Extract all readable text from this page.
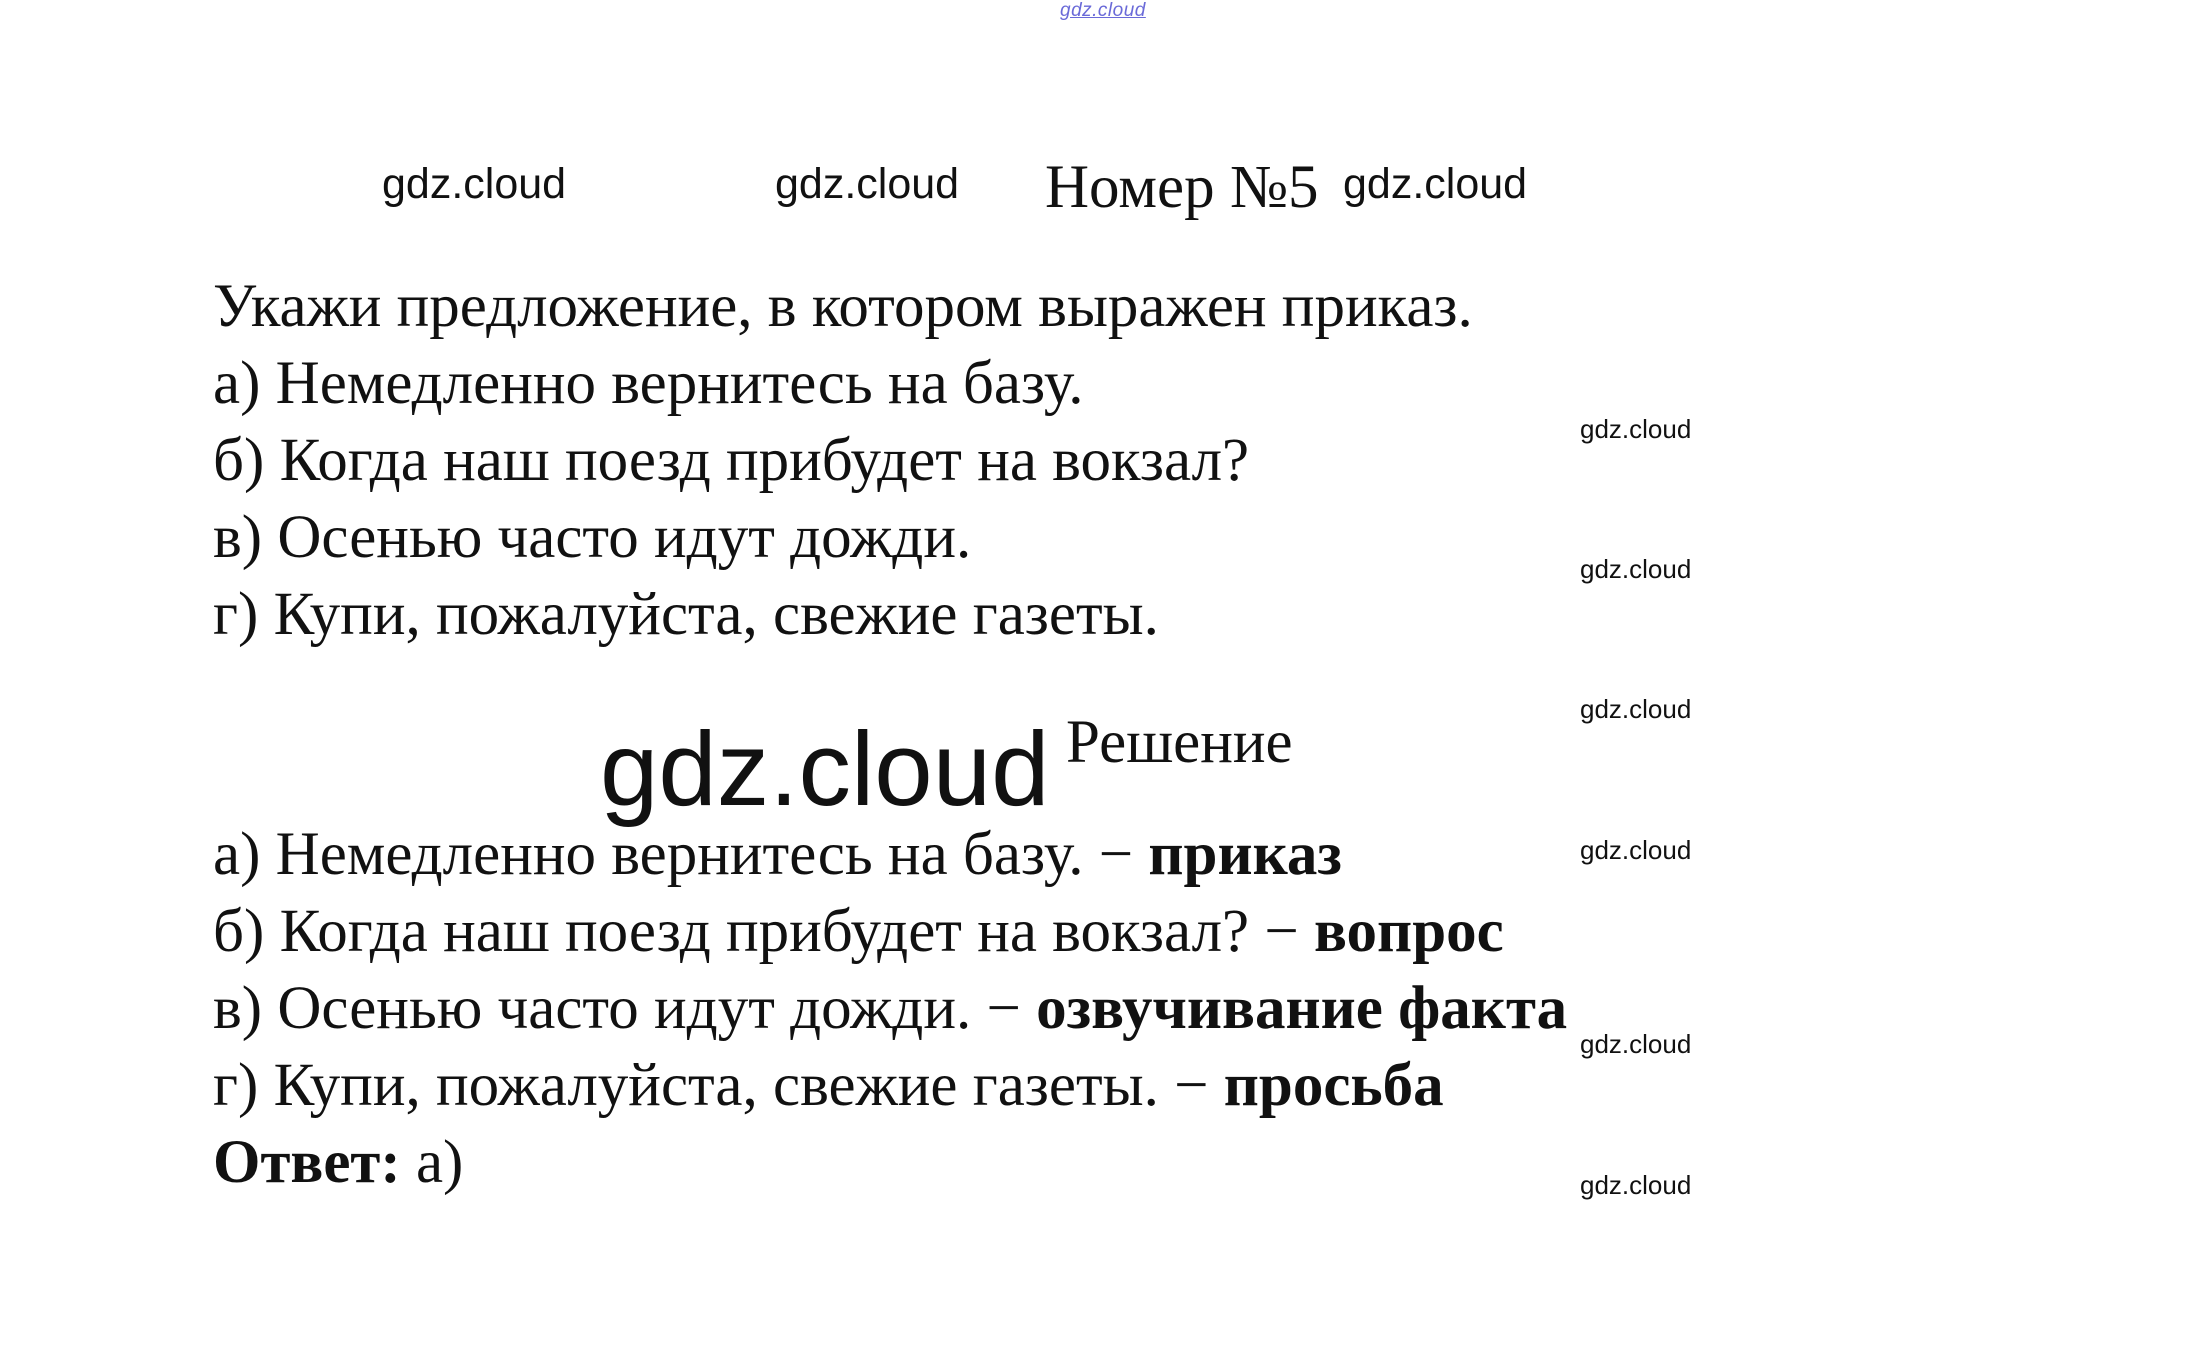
gdz.cloud
gdz.cloud	gdz.cloud Номер №5 gdz.cloud
Укажи предложение, в котором выражен приказ.
а) Немедленно вернитесь на базу.
б) Когда наш поезд прибудет на вокзал?
в) Осенью часто идут дожди.
г) Купи, пожалуйста, свежие газеты.
gdz.cloud
gdz.cloud
gdz.cloud
gdz.cloud
gdz.cloud Решение
а) Немедленно вернитесь на базу. − приказ
б) Когда наш поезд прибудет на вокзал? − вопрос
в) Осенью часто идут дожди. − озвучивание факта
gdz.cloud
г) Купи, пожалуйста, свежие газеты. − просьба
Ответ: а)	gdz.cloud
